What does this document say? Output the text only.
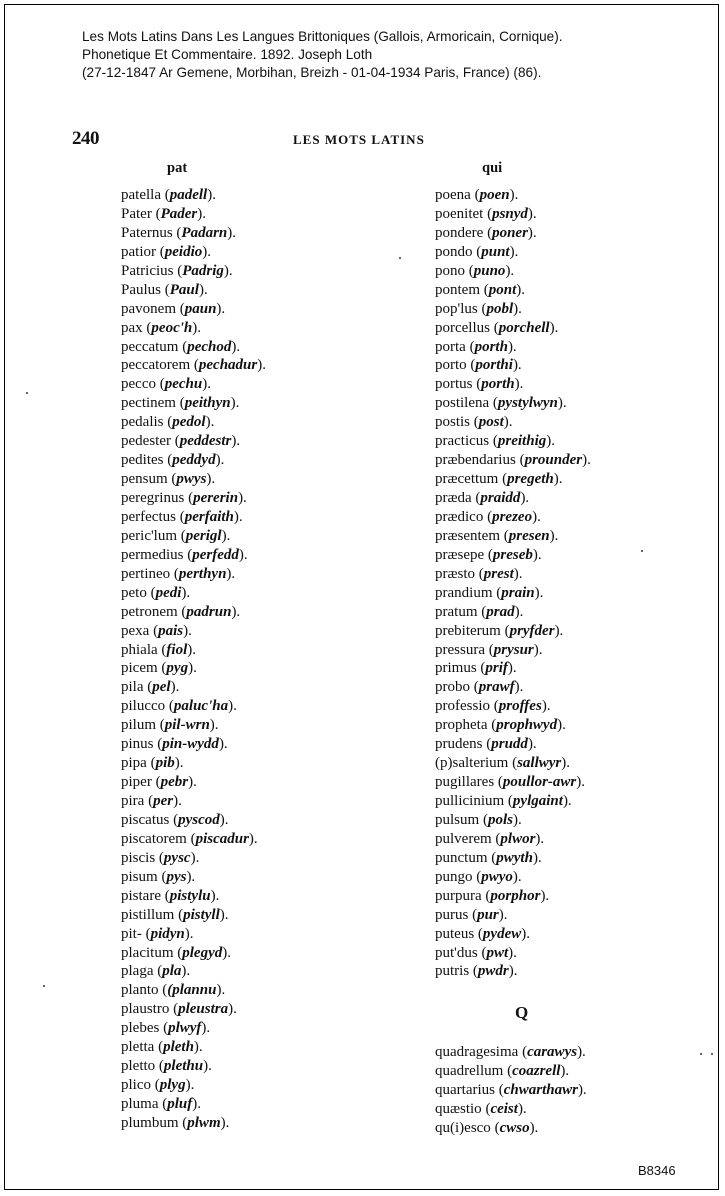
Les Mots Latins Dans Les Langues Brittoniques (Gallois, Armoricain, Cornique).
Phonetique Et Commentaire. 1892. Joseph Loth
(27-12-1847 Ar Gemene, Morbihan, Breizh - 01-04-1934 Paris, France) (86).
240	LES MOTS LATINS
pat	qui
patella (padell).
Pater (Pader).
Paternus (Padarn).
patior (peidio).
Patricius (Padrig).
Paulus (Paul).
pavonem (paun).
pax (peoc'h).
peccatum (pechod).
peccatorem (pechadur).
pecco (pechu).
pectinem (peithyn).
pedalis (pedol).
pedester (peddestr).
pedites (peddyd).
pensum (pwys).
peregrinus (pererin).
perfectus (perfaith).
peric'lum (perigl).
permedius (perfedd).
pertineo (perthyn).
peto (pedi).
petronem (padrun).
pexa (pais).
phiala (fiol).
picem (pyg).
pila (pel).
pilucco (paluc'ha).
pilum (pil-wrn).
pinus (pin-wydd).
pipa (pib).
piper (pebr).
pira (per).
piscatus (pyscod).
piscatorem (piscadur).
piscis (pysc).
pisum (pys).
pistare (pistylu).
pistillum (pistyll).
pit- (pidyn).
placitum (plegyd).
plaga (pla).
planto ((plannu).
plaustro (pleustra).
plebes (plwyf).
pletta (pleth).
pletto (plethu).
plico (plyg).
pluma (pluf).
plumbum (plwm).
poena (poen).
poenitet (psnyd).
pondere (poner).
pondo (punt).
pono (puno).
pontem (pont).
pop'lus (pobl).
porcellus (porchell).
porta (porth).
porto (porthi).
portus (porth).
postilena (pystylwyn).
postis (post).
practicus (preithig).
præbendarius (prounder).
præcettum (pregeth).
præda (praidd).
prædico (prezeo).
præsentem (presen).
præsepe (preseb).
præsto (prest).
prandium (prain).
pratum (prad).
prebiterum (pryfder).
pressura (prysur).
primus (prif).
probo (prawf).
professio (proffes).
propheta (prophwyd).
prudens (prudd).
(p)salterium (sallwyr).
pugillares (poullor-awr).
pullicinium (pylgaint).
pulsum (pols).
pulverem (plwor).
punctum (pwyth).
pungo (pwyo).
purpura (porphor).
purus (pur).
puteus (pydew).
put'dus (pwt).
putris (pwdr).
Q
quadragesima (carawys).
quadrellum (coazrell).
quartarius (chwarthawr).
quæstio (ceist).
qu(i)esco (cwso).
B8346
